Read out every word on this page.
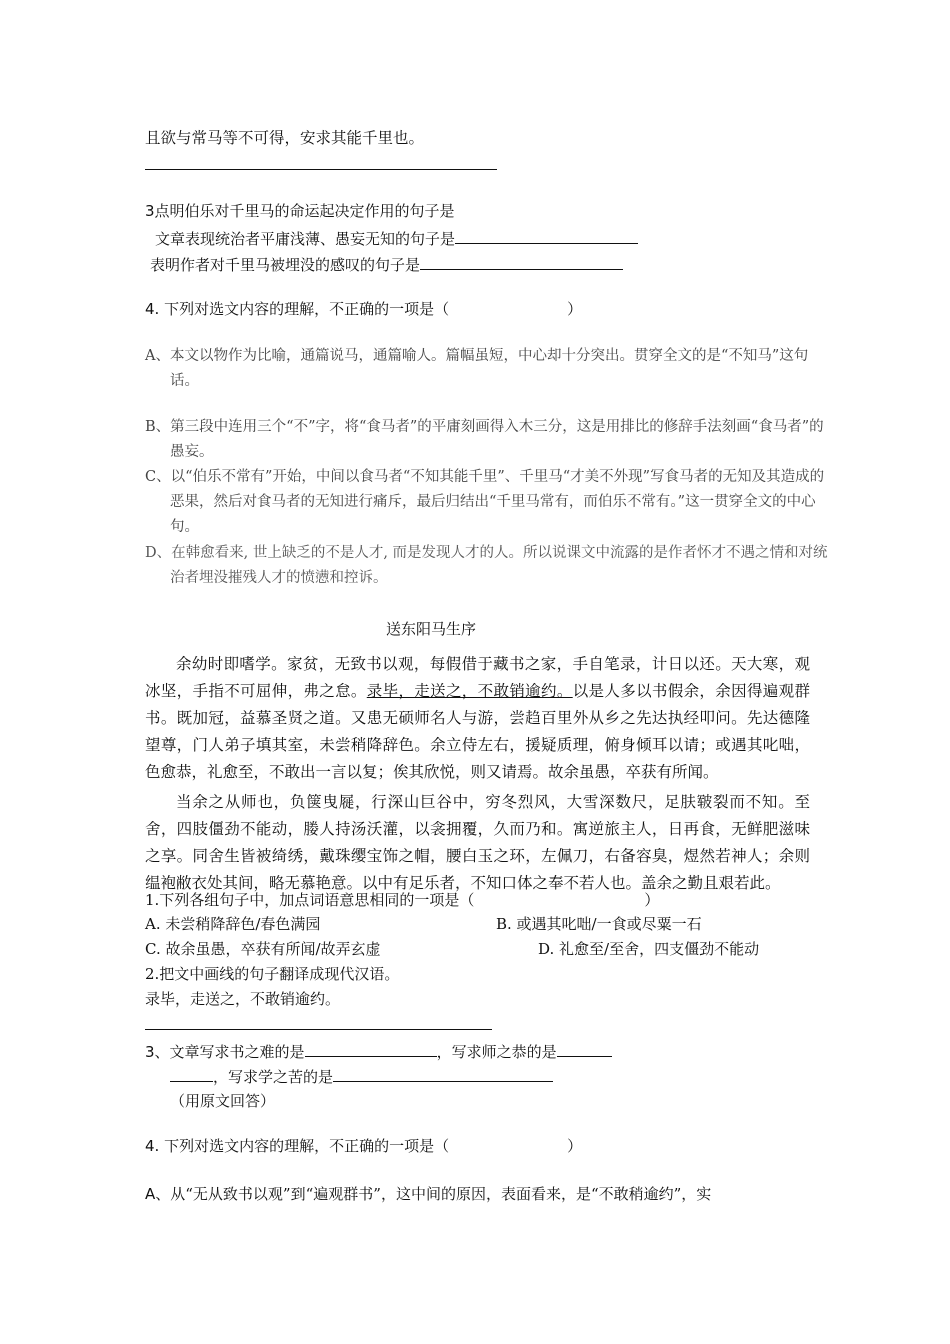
且欲与常马等不可得，安求其能千里也。
3点明伯乐对千里马的命运起决定作用的句子是
文章表现统治者平庸浅薄、愚妄无知的句子是
表明作者对千里马被埋没的感叹的句子是
4. 下列对选文内容的理解，不正确的一项是（	）
A、本文以物作为比喻，通篇说马，通篇喻人。篇幅虽短，中心却十分突出。贯穿全文的是“不知马”这句话。
B、第三段中连用三个“不”字，将“食马者”的平庸刻画得入木三分，这是用排比的修辞手法刻画“食马者”的愚妄。
C、以“伯乐不常有”开始，中间以食马者“不知其能千里”、千里马“才美不外现”写食马者的无知及其造成的恶果，然后对食马者的无知进行痛斥，最后归结出“千里马常有，而伯乐不常有。”这一贯穿全文的中心句。
D、在韩愈看来, 世上缺乏的不是人才, 而是发现人才的人。所以说课文中流露的是作者怀才不遇之情和对统治者埋没摧残人才的愤懑和控诉。
送东阳马生序
余幼时即嗜学。家贫，无致书以观，每假借于藏书之家，手自笔录，计日以还。天大寒，观冰坚，手指不可屈伸，弗之怠。录毕，走送之，不敢销逾约。以是人多以书假余，余因得遍观群书。既加冠，益慕圣贤之道。又患无硕师名人与游，尝趋百里外从乡之先达执经叩问。先达德隆望尊，门人弟子填其室，未尝稍降辞色。余立侍左右，援疑质理，俯身倾耳以请；或遇其叱咄，色愈恭，礼愈至，不敢出一言以复；俟其欣悦，则又请焉。故余虽愚，卒获有所闻。
当余之从师也，负箧曳屣，行深山巨谷中，穷冬烈风，大雪深数尺，足肤皲裂而不知。至舍，四肢僵劲不能动，媵人持汤沃灌，以衾拥覆，久而乃和。寓逆旅主人，日再食，无鲜肥滋味之享。同舍生皆被绮绣，戴珠缨宝饰之帽，腰白玉之环，左佩刀，右备容臭，煜然若神人；余则缊袍敝衣处其间，略无慕艳意。以中有足乐者，不知口体之奉不若人也。盖余之勤且艰若此。
1.下列各组句子中，加点词语意思相同的一项是（	）
A. 未尝稍降辞色/春色满园	B. 或遇其叱咄/一食或尽粟一石
C. 故余虽愚，卒获有所闻/故弄玄虚	D. 礼愈至/至舍，四支僵劲不能动
2.把文中画线的句子翻译成现代汉语。
录毕，走送之，不敢销逾约。
3、文章写求书之难的是	，写求师之恭的是
，写求学之苦的是
（用原文回答）
4. 下列对选文内容的理解，不正确的一项是（	）
A、从“无从致书以观”到“遍观群书”，这中间的原因，表面看来，是“不敢稍逾约”，实
